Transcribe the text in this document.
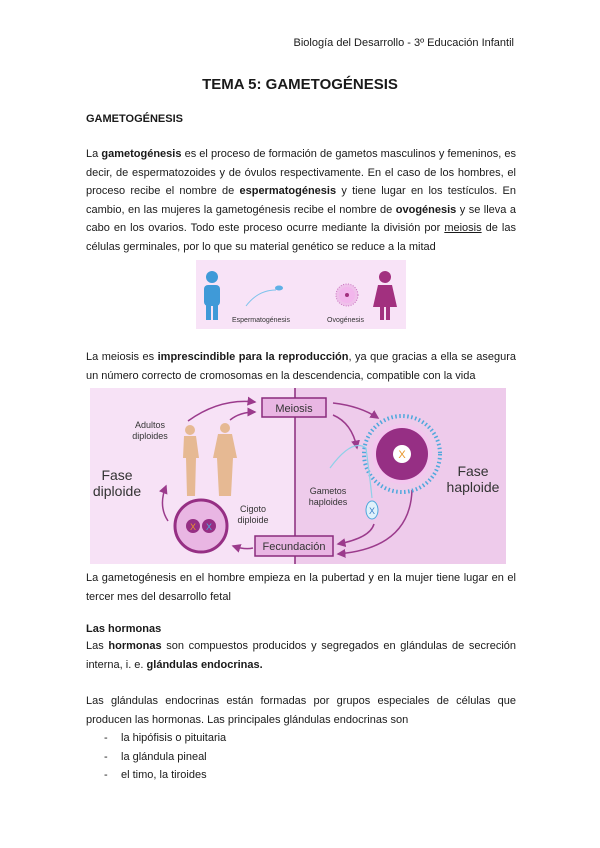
Biología del Desarrollo - 3º Educación Infantil
TEMA 5: GAMETOGÉNESIS
GAMETOGÉNESIS
La gametogénesis es el proceso de formación de gametos masculinos y femeninos, es decir, de espermatozoides y de óvulos respectivamente. En el caso de los hombres, el proceso recibe el nombre de espermatogénesis y tiene lugar en los testículos. En cambio, en las mujeres la gametogénesis recibe el nombre de ovogénesis y se lleva a cabo en los ovarios. Todo este proceso ocurre mediante la división por meiosis de las células germinales, por lo que su material genético se reduce a la mitad
Espermatogénesis	Ovogénesis
La meiosis es imprescindible para la reproducción, ya que gracias a ella se asegura un número correcto de cromosomas en la descendencia, compatible con la vida
Meiosis
Fecundación
Adultos
diploides
Fase
diploide
Fase
haploide
Gametos
haploides
Cigoto
diploide
X
X
X X
La gametogénesis en el hombre empieza en la pubertad y en la mujer tiene lugar en el tercer mes del desarrollo fetal
Las hormonas
Las hormonas son compuestos producidos y segregados en glándulas de secreción interna, i. e. glándulas endocrinas.
Las glándulas endocrinas están formadas por grupos especiales de células que producen las hormonas. Las principales glándulas endocrinas son
-	la hipófisis o pituitaria
-	la glándula pineal
-	el timo, la tiroides
